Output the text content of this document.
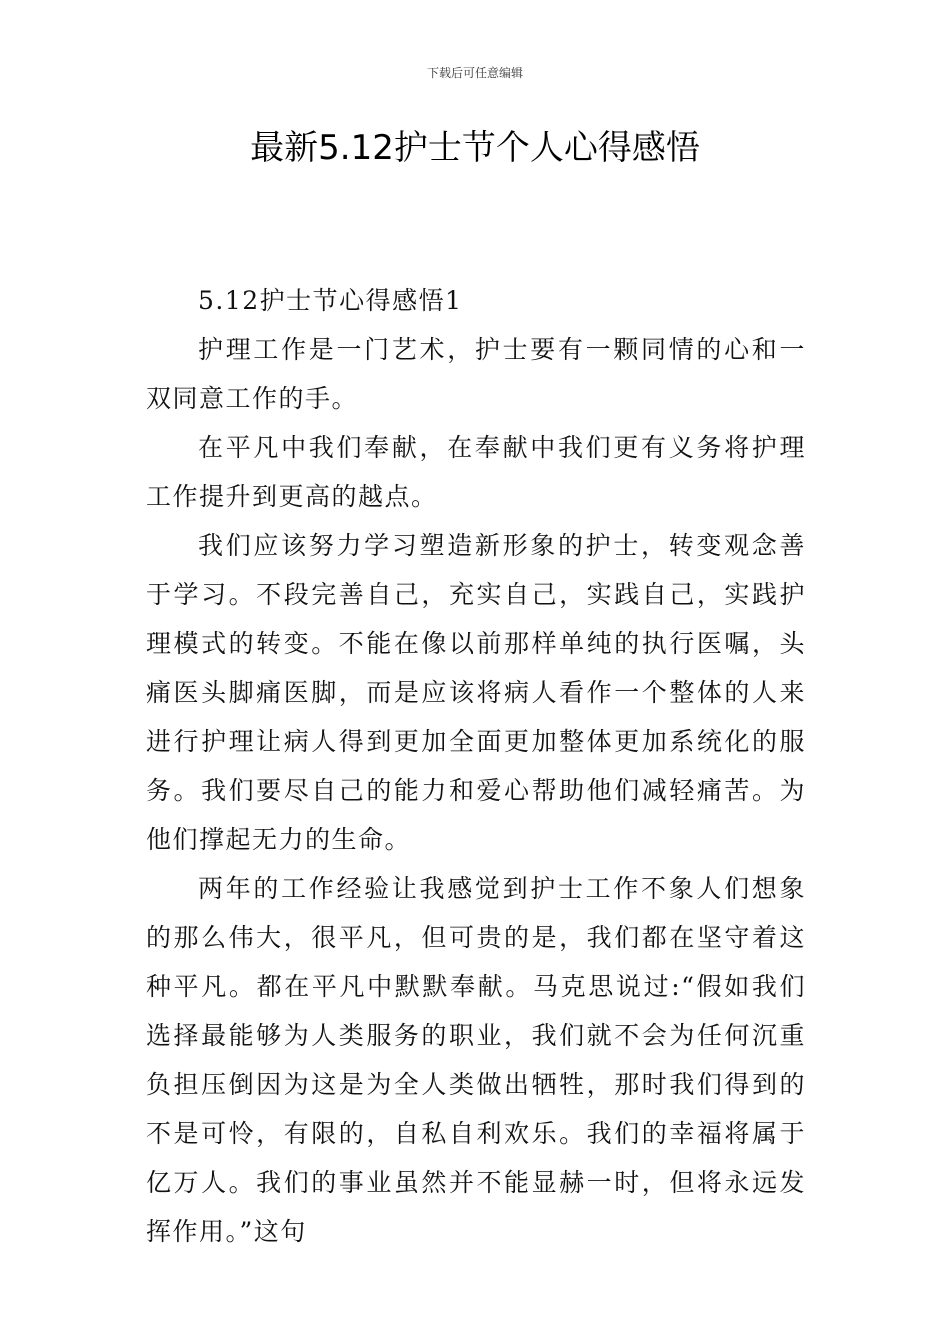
下载后可任意编辑
最新5.12护士节个人心得感悟

5.12护士节心得感悟1

护理工作是一门艺术，护士要有一颗同情的心和一双同意工作的手。

在平凡中我们奉献，在奉献中我们更有义务将护理工作提升到更高的越点。

我们应该努力学习塑造新形象的护士，转变观念善于学习。不段完善自己，充实自己，实践自己，实践护理模式的转变。不能在像以前那样单纯的执行医嘱，头痛医头脚痛医脚，而是应该将病人看作一个整体的人来进行护理让病人得到更加全面更加整体更加系统化的服务。我们要尽自己的能力和爱心帮助他们减轻痛苦。为他们撑起无力的生命。

两年的工作经验让我感觉到护士工作不象人们想象的那么伟大，很平凡，但可贵的是，我们都在坚守着这种平凡。都在平凡中默默奉献。马克思说过:“假如我们选择最能够为人类服务的职业，我们就不会为任何沉重负担压倒因为这是为全人类做出牺牲，那时我们得到的不是可怜，有限的，自私自利欢乐。我们的幸福将属于亿万人。我们的事业虽然并不能显赫一时，但将永远发挥作用。”这句
